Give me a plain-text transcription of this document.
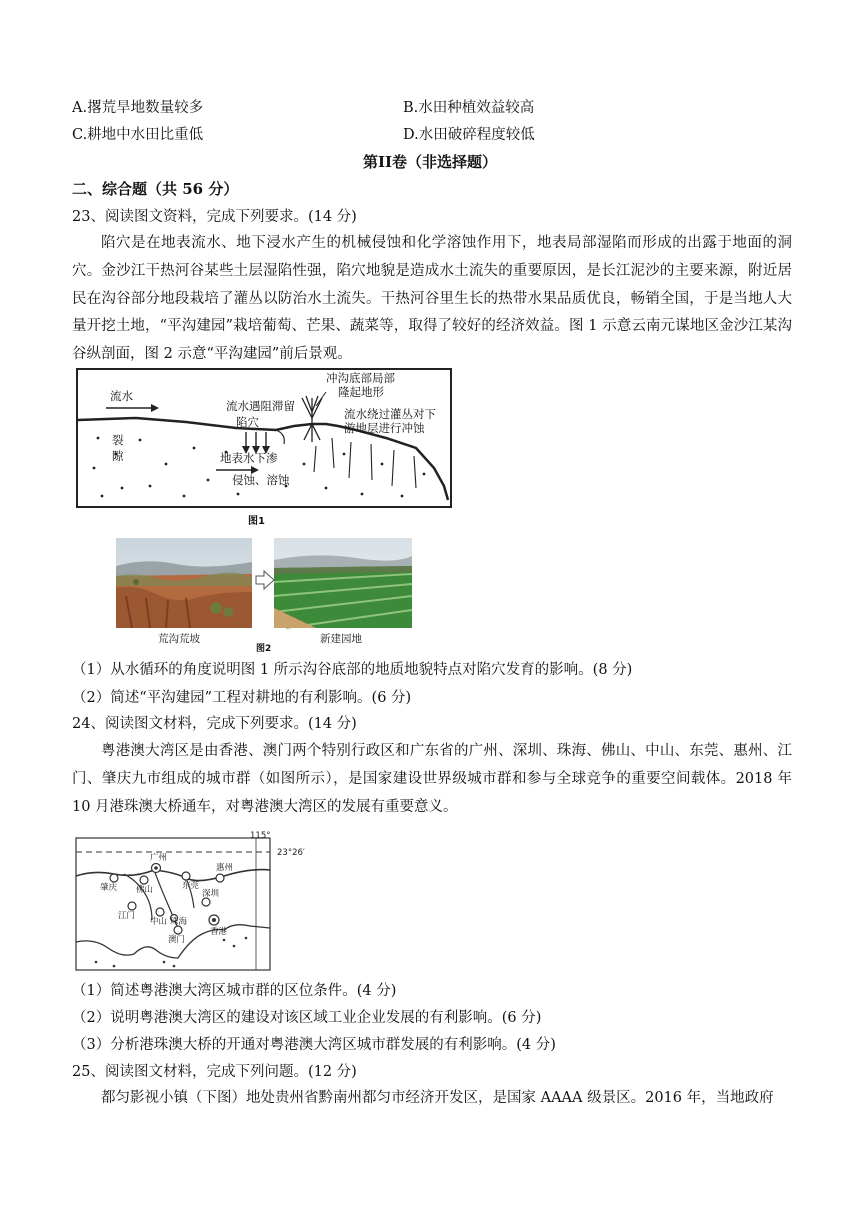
A.撂荒旱地数量较多	B.水田种植效益较高
C.耕地中水田比重低	D.水田破碎程度较低
第II卷（非选择题）
二、综合题（共 56 分）
23、阅读图文资料，完成下列要求。(14 分)
陷穴是在地表流水、地下浸水产生的机械侵蚀和化学溶蚀作用下，地表局部湿陷而形成的出露于地面的洞穴。金沙江干热河谷某些土层湿陷性强，陷穴地貌是造成水土流失的重要原因，是长江泥沙的主要来源，附近居民在沟谷部分地段栽培了灌丛以防治水土流失。干热河谷里生长的热带水果品质优良，畅销全国，于是当地人大量开挖土地，“平沟建园”栽培葡萄、芒果、蔬菜等，取得了较好的经济效益。图 1 示意云南元谋地区金沙江某沟谷纵剖面，图 2 示意“平沟建园”前后景观。
流水
裂
隙
流水遇阻滞留
陷穴
地表水下渗
侵蚀、溶蚀
冲沟底部局部
隆起地形
流水绕过灌丛对下
游地层进行冲蚀
图1
荒沟荒坡	新建园地
图2
（1）从水循环的角度说明图 1 所示沟谷底部的地质地貌特点对陷穴发育的影响。(8 分)
（2）简述“平沟建园”工程对耕地的有利影响。(6 分)
24、阅读图文材料，完成下列要求。(14 分)
粤港澳大湾区是由香港、澳门两个特别行政区和广东省的广州、深圳、珠海、佛山、中山、东莞、惠州、江门、肇庆九市组成的城市群（如图所示），是国家建设世界级城市群和参与全球竞争的重要空间载体。2018 年 10 月港珠澳大桥通车，对粤港澳大湾区的发展有重要意义。
115°
23°26′
广州
肇庆 佛山	东莞
惠州
深圳
江门
中山 珠海
香港
澳门
（1）简述粤港澳大湾区城市群的区位条件。(4 分)
（2）说明粤港澳大湾区的建设对该区域工业企业发展的有利影响。(6 分)
（3）分析港珠澳大桥的开通对粤港澳大湾区城市群发展的有利影响。(4 分)
25、阅读图文材料，完成下列问题。(12 分)
都匀影视小镇（下图）地处贵州省黔南州都匀市经济开发区，是国家 AAAA 级景区。2016 年，当地政府
